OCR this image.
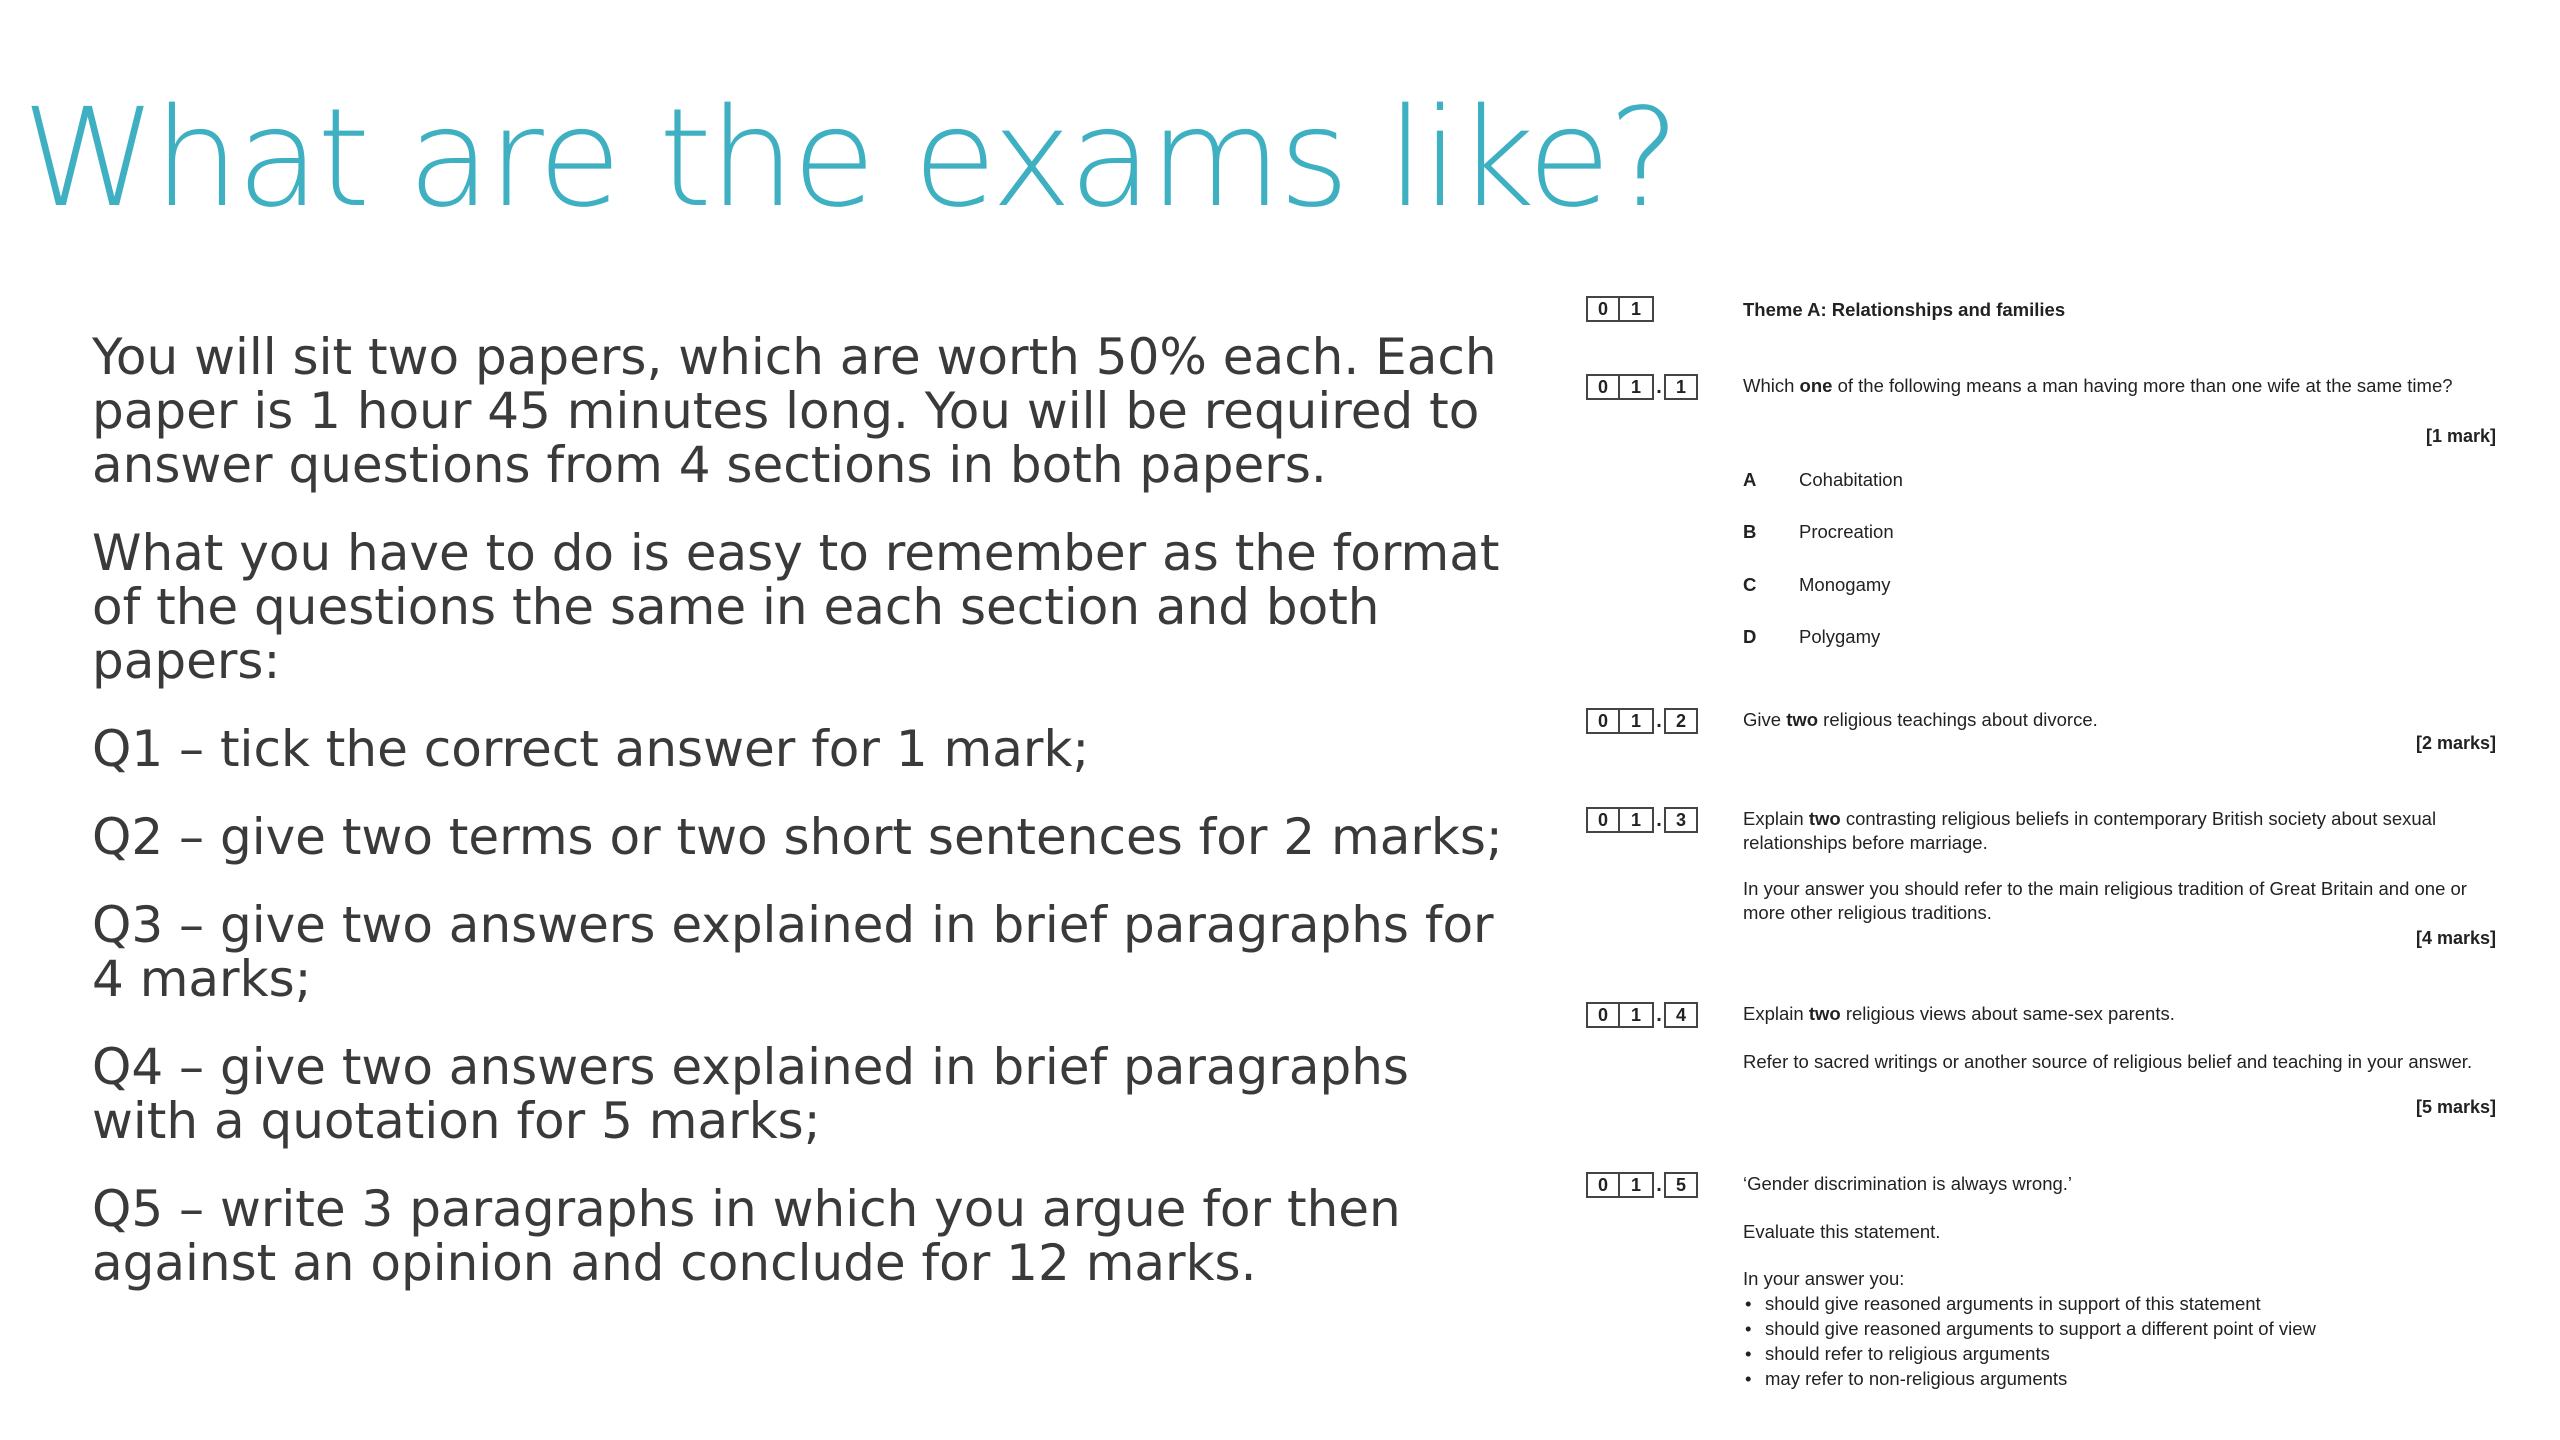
What are the exams like?

You will sit two papers, which are worth 50% each. Each paper is 1 hour 45 minutes long. You will be required to answer questions from 4 sections in both papers.

What you have to do is easy to remember as the format of the questions the same in each section and both papers:

Q1 – tick the correct answer for 1 mark;

Q2 – give two terms or two short sentences for 2 marks;

Q3 – give two answers explained in brief paragraphs for 4 marks;

Q4 – give two answers explained in brief paragraphs with a quotation for 5 marks;

Q5 – write 3 paragraphs in which you argue for then against an opinion and conclude for 12 marks.

0	1	Theme A: Relationships and families
0	1 . 1	Which one of the following means a man having more than one wife at the same time?
[1 mark]
A Cohabitation
B Procreation
C Monogamy
D Polygamy
0	1 . 2	Give two religious teachings about divorce.
[2 marks]
0	1 . 3	Explain two contrasting religious beliefs in contemporary British society about sexual relationships before marriage.
In your answer you should refer to the main religious tradition of Great Britain and one or more other religious traditions.
[4 marks]
0	1 . 4	Explain two religious views about same-sex parents.
Refer to sacred writings or another source of religious belief and teaching in your answer.
[5 marks]
0	1 . 5	‘Gender discrimination is always wrong.’
Evaluate this statement.
In your answer you:
• should give reasoned arguments in support of this statement
• should give reasoned arguments to support a different point of view
• should refer to religious arguments
• may refer to non-religious arguments
